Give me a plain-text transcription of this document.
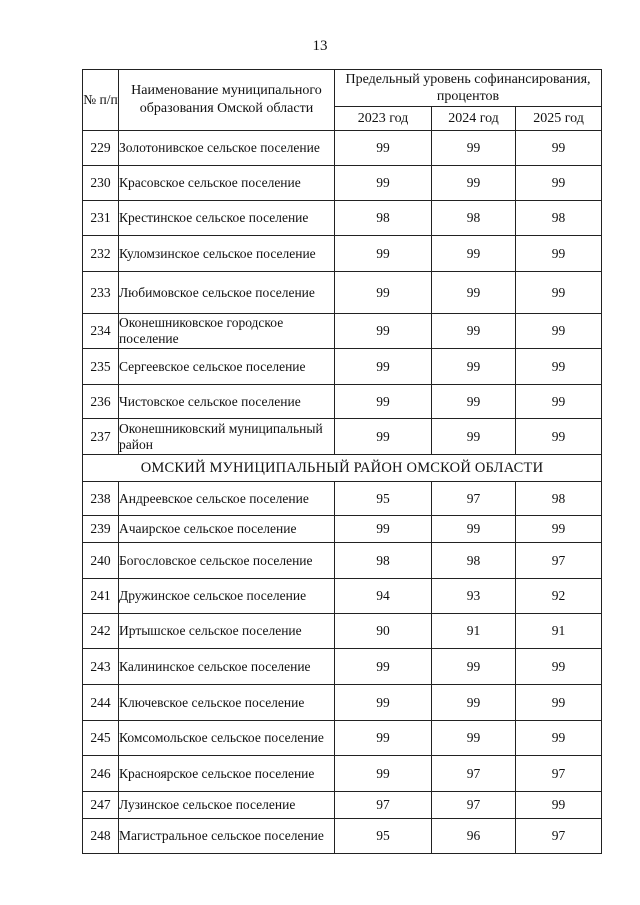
13
№ п/п	Наименование муниципального образования Омской области	Предельный уровень софинансирования, процентов		
		2023 год	2024 год	2025 год
229	Золотонивское сельское поселение	99	99	99
230	Красовское сельское поселение	99	99	99
231	Крестинское сельское поселение	98	98	98
232	Куломзинское сельское поселение	99	99	99
233	Любимовское сельское поселение	99	99	99
234	Оконешниковское городское поселение	99	99	99
235	Сергеевское сельское поселение	99	99	99
236	Чистовское сельское поселение	99	99	99
237	Оконешниковский муниципальный район	99	99	99
ОМСКИЙ МУНИЦИПАЛЬНЫЙ РАЙОН ОМСКОЙ ОБЛАСТИ				
238	Андреевское сельское поселение	95	97	98
239	Ачаирское сельское поселение	99	99	99
240	Богословское сельское поселение	98	98	97
241	Дружинское сельское поселение	94	93	92
242	Иртышское сельское поселение	90	91	91
243	Калининское сельское поселение	99	99	99
244	Ключевское сельское поселение	99	99	99
245	Комсомольское сельское поселение	99	99	99
246	Красноярское сельское поселение	99	97	97
247	Лузинское сельское поселение	97	97	99
248	Магистральное сельское поселение	95	96	97
